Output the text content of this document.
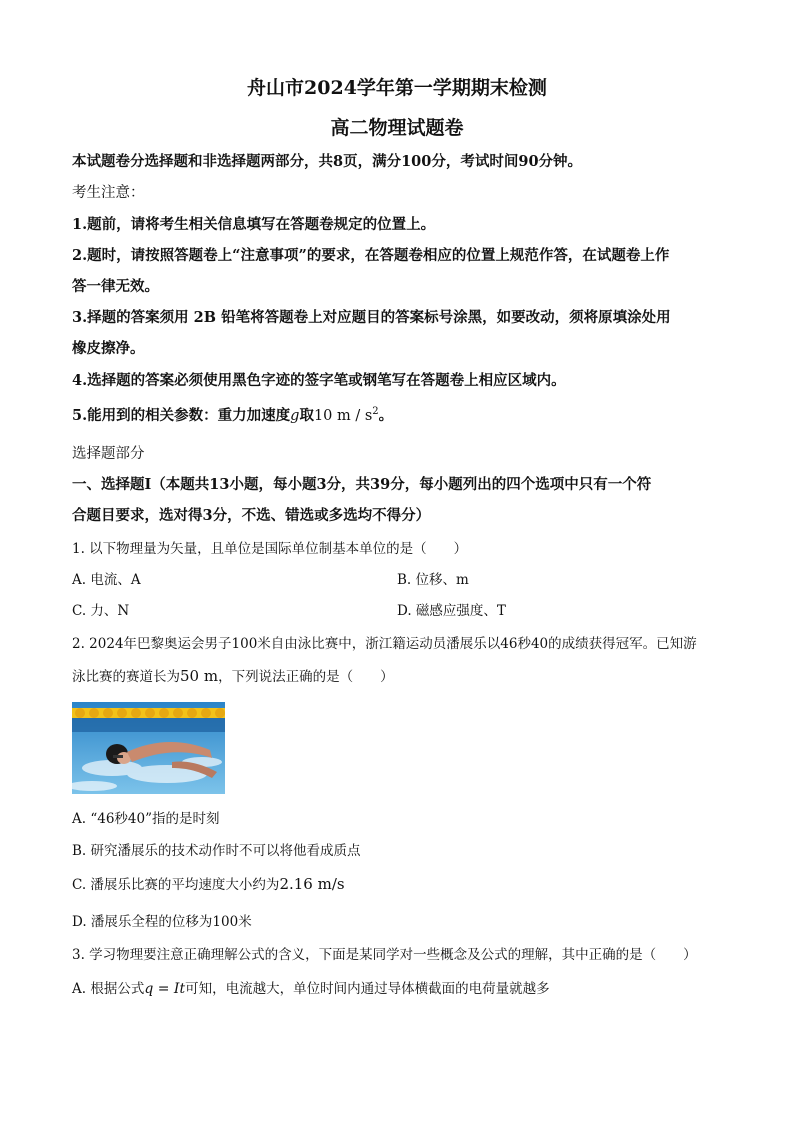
舟山市2024学年第一学期期末检测
高二物理试题卷
本试题卷分选择题和非选择题两部分，共8页，满分100分，考试时间90分钟。
考生注意：
1.题前，请将考生相关信息填写在答题卷规定的位置上。
2.题时，请按照答题卷上“注意事项”的要求，在答题卷相应的位置上规范作答，在试题卷上作
答一律无效。
3.择题的答案须用 2B 铅笔将答题卷上对应题目的答案标号涂黑，如要改动，须将原填涂处用
橡皮擦净。
4.选择题的答案必须使用黑色字迹的签字笔或钢笔写在答题卷上相应区域内。
5.能用到的相关参数：重力加速度g取10 m / $s^2$。
选择题部分
一、选择题Ⅰ（本题共13小题，每小题3分，共39分，每小题列出的四个选项中只有一个符
合题目要求，选对得3分，不选、错选或多选均不得分）
1. 以下物理量为矢量，且单位是国际单位制基本单位的是（　　）
A. 电流、A	B. 位移、m
C. 力、N	D. 磁感应强度、T
2. 2024年巴黎奥运会男子100米自由泳比赛中，浙江籍运动员潘展乐以46秒40的成绩获得冠军。已知游
泳比赛的赛道长为50 m，下列说法正确的是（　　）
A. “46秒40”指的是时刻
B. 研究潘展乐的技术动作时不可以将他看成质点
C. 潘展乐比赛的平均速度大小约为2.16 m/s
D. 潘展乐全程的位移为100米
3. 学习物理要注意正确理解公式的含义，下面是某同学对一些概念及公式的理解，其中正确的是（　　）
A. 根据公式q = It可知，电流越大，单位时间内通过导体横截面的电荷量就越多
